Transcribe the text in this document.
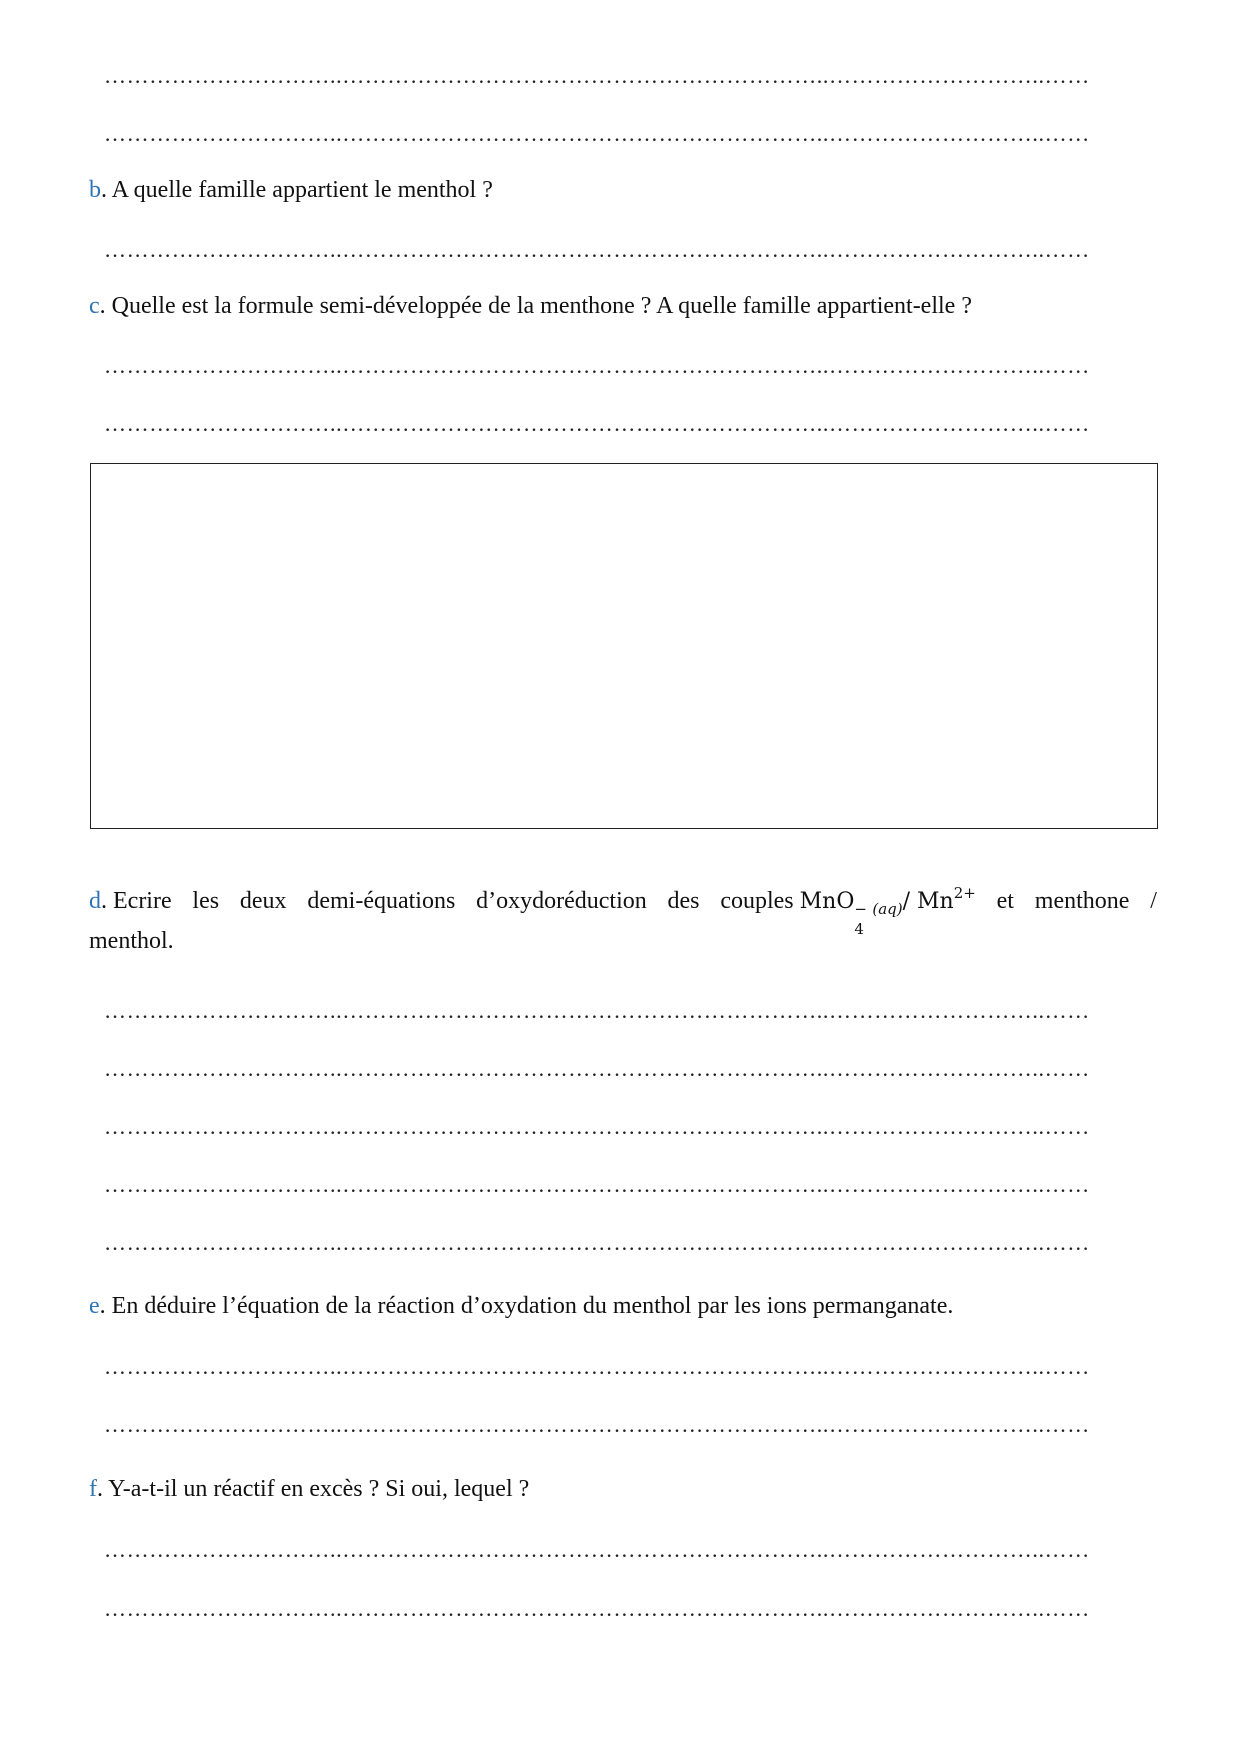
…………………………..………………………………………………………..………………………..……
…………………………..………………………………………………………..………………………..……
b. A quelle famille appartient le menthol ?
…………………………..………………………………………………………..………………………..……
c. Quelle est la formule semi-développée de la menthone ? A quelle famille appartient-elle ?
…………………………..………………………………………………………..………………………..……
…………………………..………………………………………………………..………………………..……
d. Ecrire les deux demi-équations d’oxydoréduction des couples MnO −
4
(aq)/ $Mn^{2+}$ et menthone /
menthol.
…………………………..………………………………………………………..………………………..……
…………………………..………………………………………………………..………………………..……
…………………………..………………………………………………………..………………………..……
…………………………..………………………………………………………..………………………..……
…………………………..………………………………………………………..………………………..……
e. En déduire l’équation de la réaction d’oxydation du menthol par les ions permanganate.
…………………………..………………………………………………………..………………………..……
…………………………..………………………………………………………..………………………..……
f. Y-a-t-il un réactif en excès ? Si oui, lequel ?
…………………………..………………………………………………………..………………………..……
…………………………..………………………………………………………..………………………..……
